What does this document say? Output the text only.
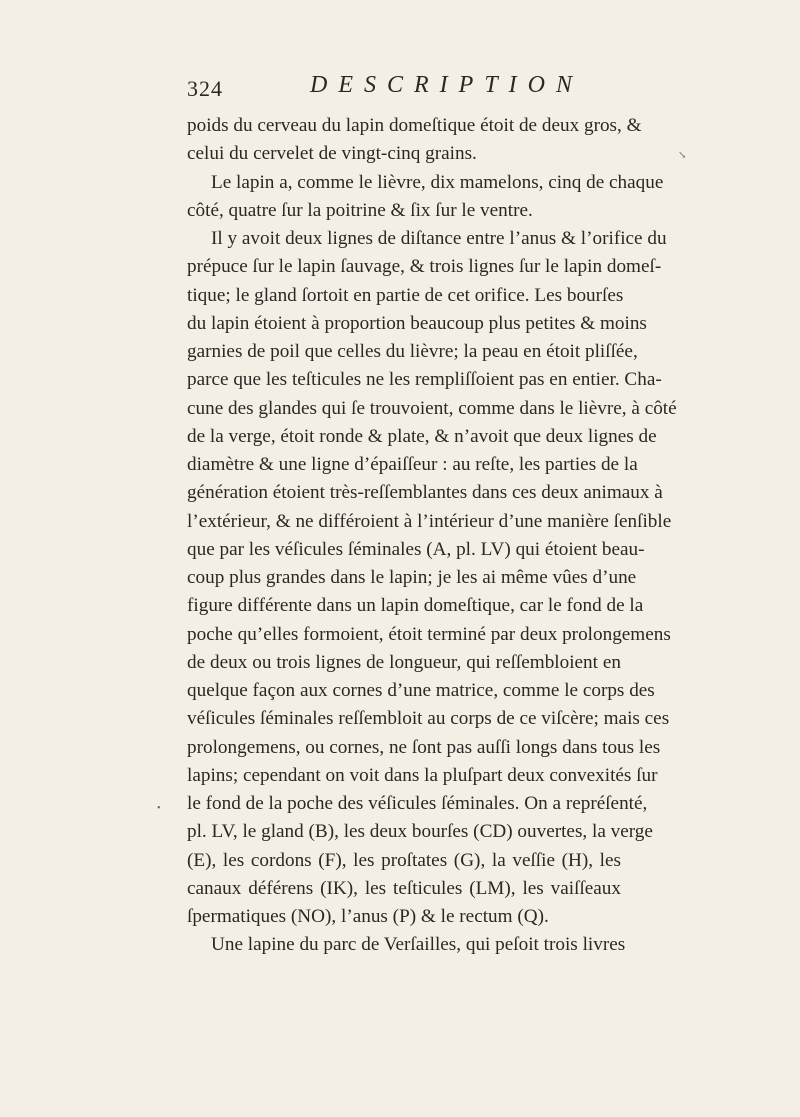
324	DESCRIPTION
poids du cerveau du lapin domeſtique étoit de deux gros, &
celui du cervelet de vingt-cinq grains.
Le lapin a, comme le lièvre, dix mamelons, cinq de chaque
côté, quatre ſur la poitrine & ſix ſur le ventre.
Il y avoit deux lignes de diſtance entre l’anus & l’orifice du
prépuce ſur le lapin ſauvage, & trois lignes ſur le lapin domeſ-
tique; le gland ſortoit en partie de cet orifice. Les bourſes
du lapin étoient à proportion beaucoup plus petites & moins
garnies de poil que celles du lièvre; la peau en étoit pliſſée,
parce que les teſticules ne les rempliſſoient pas en entier. Cha-
cune des glandes qui ſe trouvoient, comme dans le lièvre, à côté
de la verge, étoit ronde & plate, & n’avoit que deux lignes de
diamètre & une ligne d’épaiſſeur : au reſte, les parties de la
génération étoient très-reſſemblantes dans ces deux animaux à
l’extérieur, & ne différoient à l’intérieur d’une manière ſenſible
que par les véſicules ſéminales (A, pl. LV) qui étoient beau-
coup plus grandes dans le lapin; je les ai même vûes d’une
figure différente dans un lapin domeſtique, car le fond de la
poche qu’elles formoient, étoit terminé par deux prolongemens
de deux ou trois lignes de longueur, qui reſſembloient en
quelque façon aux cornes d’une matrice, comme le corps des
véſicules ſéminales reſſembloit au corps de ce viſcère; mais ces
prolongemens, ou cornes, ne ſont pas auſſi longs dans tous les
lapins; cependant on voit dans la pluſpart deux convexités ſur
le fond de la poche des véſicules ſéminales. On a repréſenté,
pl. LV, le gland (B), les deux bourſes (CD) ouvertes, la verge
(E), les cordons (F), les proſtates (G), la veſſie (H), les
canaux déférens (IK), les teſticules (LM), les vaiſſeaux
ſpermatiques (NO), l’anus (P) & le rectum (Q).
Une lapine du parc de Verſailles, qui peſoit trois livres
↘
•
